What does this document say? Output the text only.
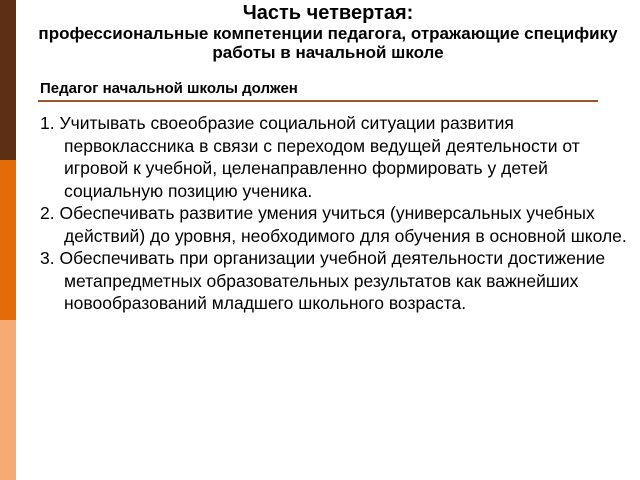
Часть четвертая:
профессиональные компетенции педагога, отражающие специфику работы в начальной школе
Педагог начальной школы должен
1. Учитывать своеобразие социальной ситуации развития первоклассника в связи с переходом ведущей деятельности от игровой к учебной, целенаправленно формировать у детей социальную позицию ученика.
2. Обеспечивать развитие умения учиться (универсальных учебных действий) до уровня, необходимого для обучения в основной школе.
3. Обеспечивать при организации учебной деятельности достижение метапредметных образовательных результатов как важнейших новообразований младшего школьного возраста.
